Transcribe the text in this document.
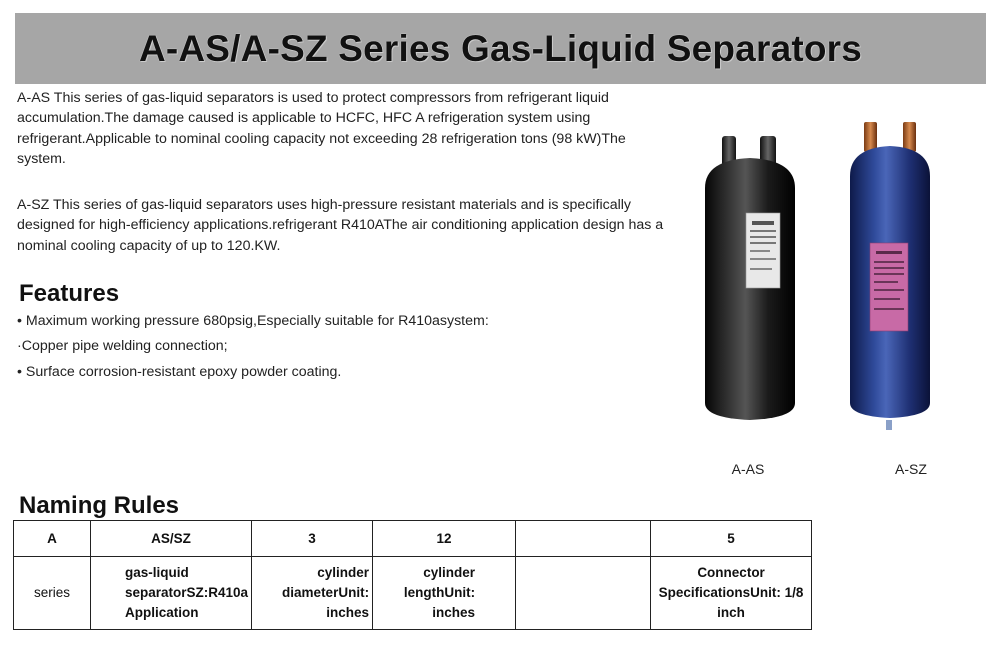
A-AS/A-SZ Series Gas-Liquid Separators

A-AS This series of gas-liquid separators is used to protect compressors from refrigerant liquid accumulation.The damage caused is applicable to HCFC, HFC A refrigeration system using refrigerant.Applicable to nominal cooling capacity not exceeding 28 refrigeration tons (98 kW)The system.

A-SZ This series of gas-liquid separators uses high-pressure resistant materials and is specifically designed for high-efficiency applications.refrigerant R410AThe air conditioning application design has a nominal cooling capacity of up to 120.KW.

Features

• Maximum working pressure 680psig,Especially suitable for R410asystem:

·Copper pipe welding connection;

• Surface corrosion-resistant epoxy powder coating.

A-AS	A-SZ
Naming Rules
A	AS/SZ	3	12		5
series	gas-liquid separatorSZ:R410a Application	cylinder diameterUnit: inches	cylinder lengthUnit: inches		Connector SpecificationsUnit: 1/8 inch
